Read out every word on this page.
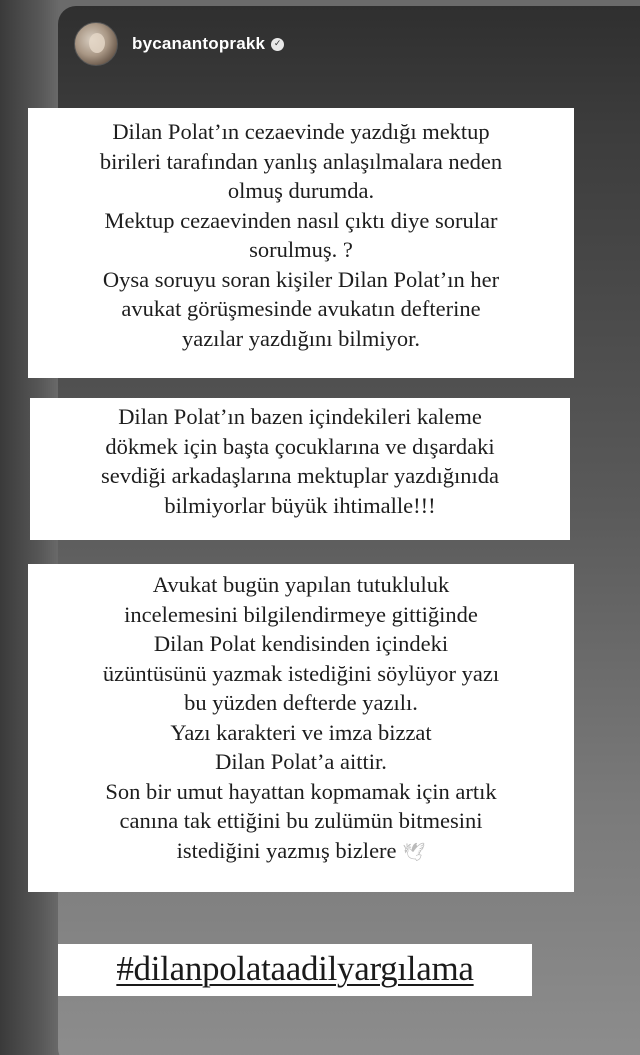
bycanantoprakk ✓
Dilan Polat’ın cezaevinde yazdığı mektup
birileri tarafından yanlış anlaşılmalara neden
olmuş durumda.
Mektup cezaevinden nasıl çıktı diye sorular
sorulmuş. ?
Oysa soruyu soran kişiler Dilan Polat’ın her
avukat görüşmesinde avukatın defterine
yazılar yazdığını bilmiyor.
Dilan Polat’ın bazen içindekileri kaleme
dökmek için başta çocuklarına ve dışardaki
sevdiği arkadaşlarına mektuplar yazdığınıda
bilmiyorlar büyük ihtimalle!!!
Avukat bugün yapılan tutukluluk
incelemesini bilgilendirmeye gittiğinde
Dilan Polat kendisinden içindeki
üzüntüsünü yazmak istediğini söylüyor yazı
bu yüzden defterde yazılı.
Yazı karakteri ve imza bizzat
Dilan Polat’a aittir.
Son bir umut hayattan kopmamak için artık
canına tak ettiğini bu zulümün bitmesini
istediğini yazmış bizlere 🕊
#dilanpolataadilyargılama
